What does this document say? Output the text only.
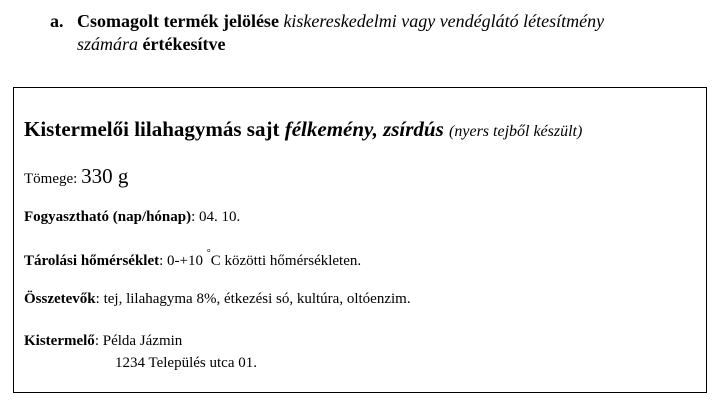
a. Csomagolt termék jelölése kiskereskedelmi vagy vendéglátó létesítmény
számára értékesítve
Kistermelői lilahagymás sajt félkemény, zsírdús (nyers tejből készült)
Tömege: 330 g
Fogyasztható (nap/hónap): 04. 10.
Tárolási hőmérséklet: 0-+10 °C közötti hőmérsékleten.
Összetevők: tej, lilahagyma 8%, étkezési só, kultúra, oltóenzim.
Kistermelő: Példa Jázmin
1234 Település utca 01.
